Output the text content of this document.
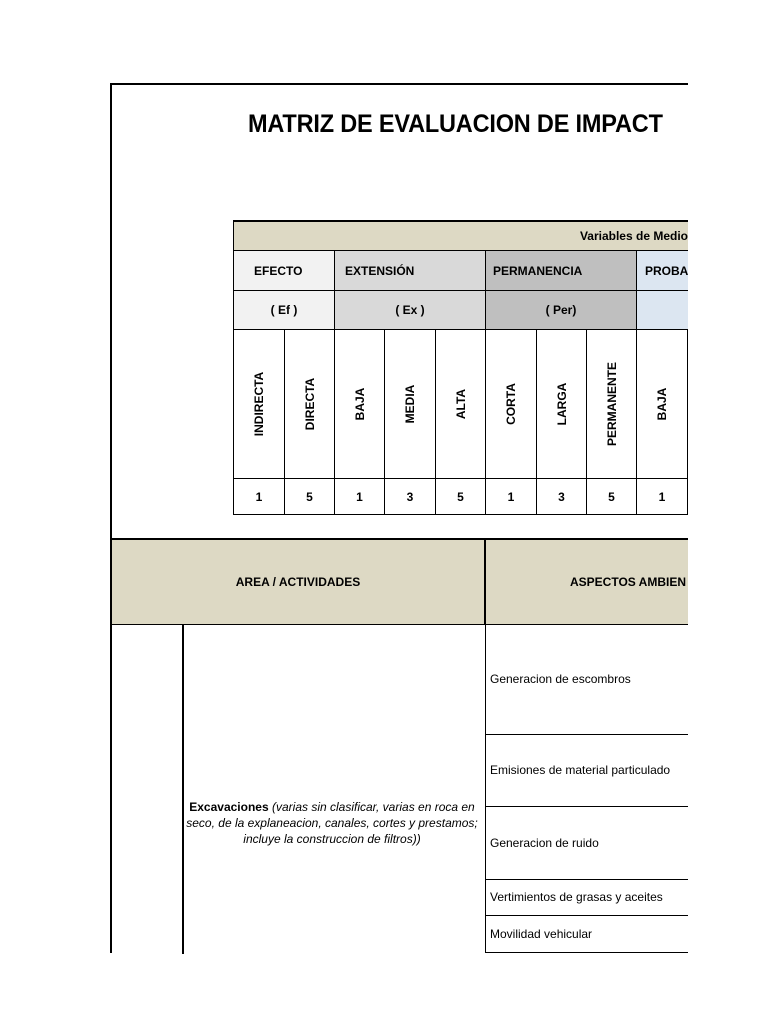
MATRIZ DE EVALUACION DE IMPACT
Variables de Medio
EFECTO	EXTENSIÓN	PERMANENCIA	PROBA
( Ef )	( Ex )	( Per)
INDIRECTA	DIRECTA	BAJA	MEDIA	ALTA	CORTA	LARGA	PERMANENTE	BAJA
1	5	1	3	5	1	3	5	1
AREA / ACTIVIDADES	ASPECTOS AMBIEN
Excavaciones (varias sin clasificar, varias en roca en seco, de la explaneacion, canales, cortes y prestamos; incluye la construccion de filtros))
Generacion de escombros
Emisiones de material particulado
Generacion de ruido
Vertimientos de grasas y aceites
Movilidad vehicular
